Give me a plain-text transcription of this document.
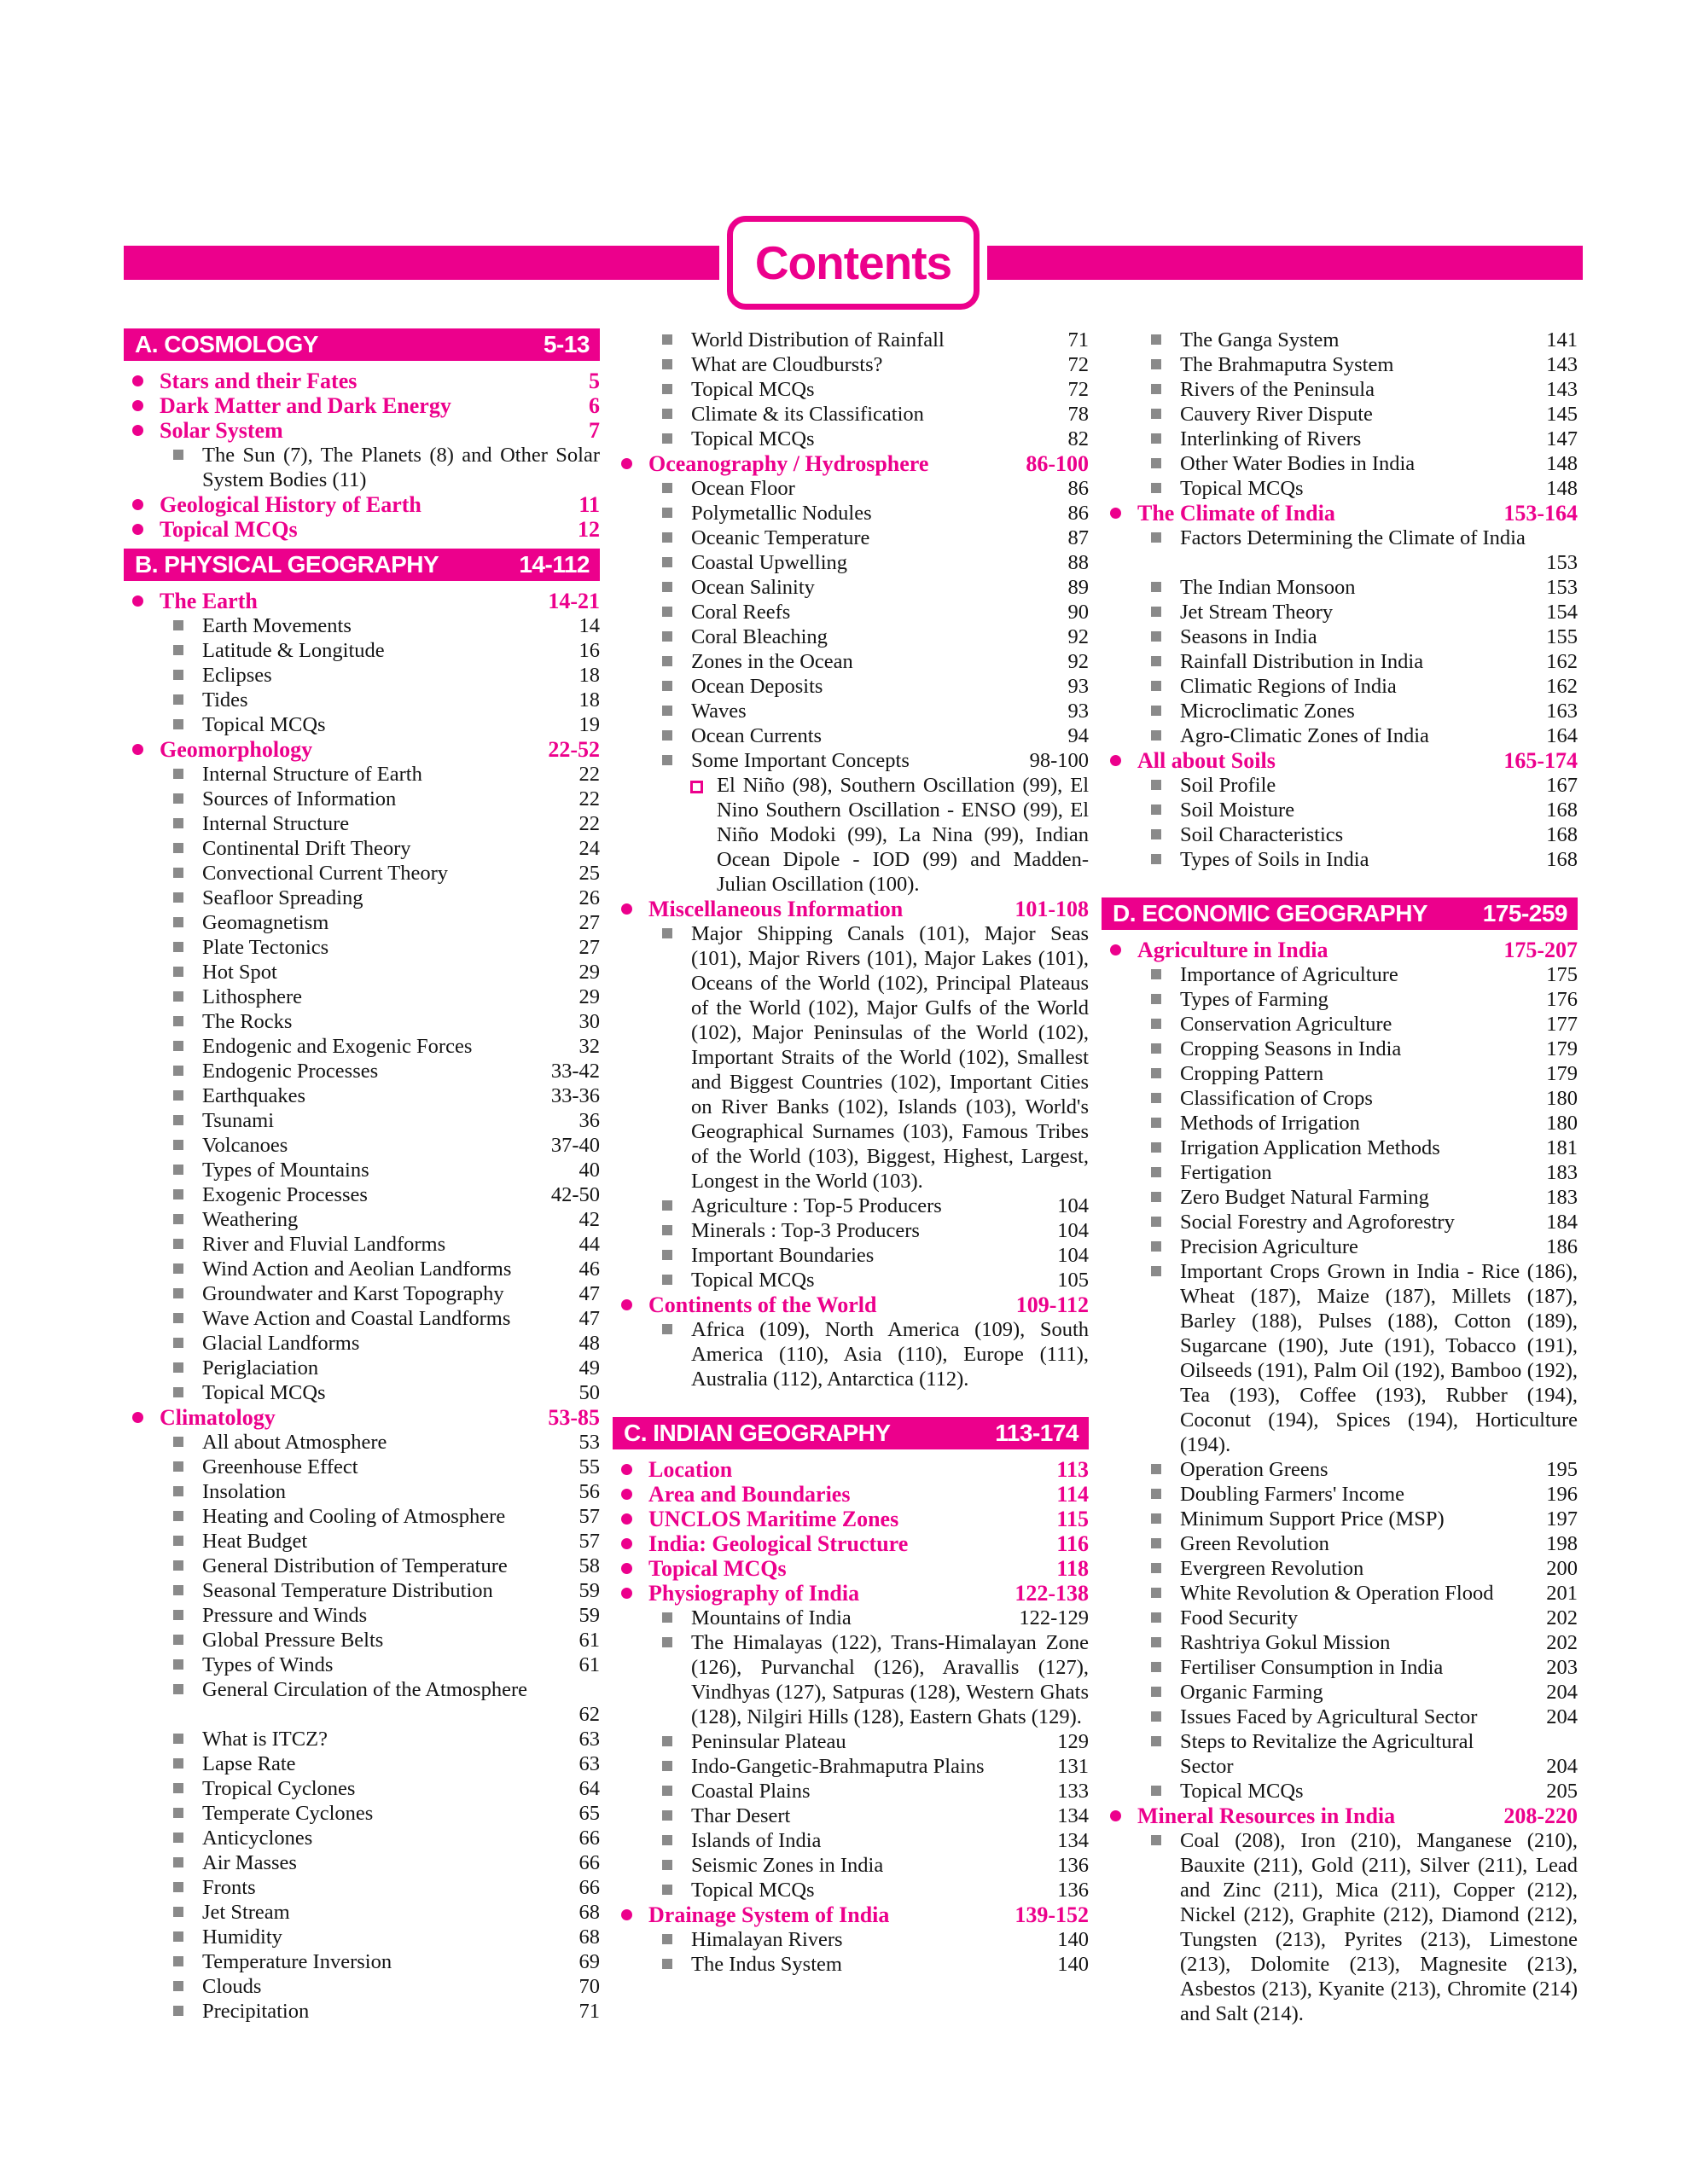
Contents
A. COSMOLOGY	5-13
Stars and their Fates	5
Dark Matter and Dark Energy	6
Solar System	7
The Sun (7), The Planets (8) and Other Solar System Bodies (11)
Geological History of Earth	11
Topical MCQs	12
B. PHYSICAL GEOGRAPHY	14-112
The Earth	14-21
Earth Movements	14
Latitude & Longitude	16
Eclipses	18
Tides	18
Topical MCQs	19
Geomorphology	22-52
Internal Structure of Earth	22
Sources of Information	22
Internal Structure	22
Continental Drift Theory	24
Convectional Current Theory	25
Seafloor Spreading	26
Geomagnetism	27
Plate Tectonics	27
Hot Spot	29
Lithosphere	29
The Rocks	30
Endogenic and Exogenic Forces	32
Endogenic Processes	33-42
Earthquakes	33-36
Tsunami	36
Volcanoes	37-40
Types of Mountains	40
Exogenic Processes	42-50
Weathering	42
River and Fluvial Landforms	44
Wind Action and Aeolian Landforms	46
Groundwater and Karst Topography	47
Wave Action and Coastal Landforms	47
Glacial Landforms	48
Periglaciation	49
Topical MCQs	50
Climatology	53-85
All about Atmosphere	53
Greenhouse Effect	55
Insolation	56
Heating and Cooling of Atmosphere	57
Heat Budget	57
General Distribution of Temperature	58
Seasonal Temperature Distribution	59
Pressure and Winds	59
Global Pressure Belts	61
Types of Winds	61
General Circulation of the Atmosphere
62
What is ITCZ?	63
Lapse Rate	63
Tropical Cyclones	64
Temperate Cyclones	65
Anticyclones	66
Air Masses	66
Fronts	66
Jet Stream	68
Humidity	68
Temperature Inversion	69
Clouds	70
Precipitation	71
World Distribution of Rainfall	71
What are Cloudbursts?	72
Topical MCQs	72
Climate & its Classification	78
Topical MCQs	82
Oceanography / Hydrosphere	86-100
Ocean Floor	86
Polymetallic Nodules	86
Oceanic Temperature	87
Coastal Upwelling	88
Ocean Salinity	89
Coral Reefs	90
Coral Bleaching	92
Zones in the Ocean	92
Ocean Deposits	93
Waves	93
Ocean Currents	94
Some Important Concepts	98-100
El Niño (98), Southern Oscillation (99), El Nino Southern Oscillation - ENSO (99), El Niño Modoki (99), La Nina (99), Indian Ocean Dipole - IOD (99) and Madden-Julian Oscillation (100).
Miscellaneous Information	101-108
Major Shipping Canals (101), Major Seas (101), Major Rivers (101), Major Lakes (101), Oceans of the World (102), Principal Plateaus of the World (102), Major Gulfs of the World (102), Major Peninsulas of the World (102), Important Straits of the World (102), Smallest and Biggest Countries (102), Important Cities on River Banks (102), Islands (103), World's Geographical Surnames (103), Famous Tribes of the World (103), Biggest, Highest, Largest, Longest in the World (103).
Agriculture : Top-5 Producers	104
Minerals : Top-3 Producers	104
Important Boundaries	104
Topical MCQs	105
Continents of the World	109-112
Africa (109), North America (109), South America (110), Asia (110), Europe (111), Australia (112), Antarctica (112).
C. INDIAN GEOGRAPHY	113-174
Location	113
Area and Boundaries	114
UNCLOS Maritime Zones	115
India: Geological Structure	116
Topical MCQs	118
Physiography of India	122-138
Mountains of India	122-129
The Himalayas (122), Trans-Himalayan Zone (126), Purvanchal (126), Aravallis (127), Vindhyas (127), Satpuras (128), Western Ghats (128), Nilgiri Hills (128), Eastern Ghats (129).
Peninsular Plateau	129
Indo-Gangetic-Brahmaputra Plains	131
Coastal Plains	133
Thar Desert	134
Islands of India	134
Seismic Zones in India	136
Topical MCQs	136
Drainage System of India	139-152
Himalayan Rivers	140
The Indus System	140
The Ganga System	141
The Brahmaputra System	143
Rivers of the Peninsula	143
Cauvery River Dispute	145
Interlinking of Rivers	147
Other Water Bodies in India	148
Topical MCQs	148
The Climate of India	153-164
Factors Determining the Climate of India
153
The Indian Monsoon	153
Jet Stream Theory	154
Seasons in India	155
Rainfall Distribution in India	162
Climatic Regions of India	162
Microclimatic Zones	163
Agro-Climatic Zones of India	164
All about Soils	165-174
Soil Profile	167
Soil Moisture	168
Soil Characteristics	168
Types of Soils in India	168
D. ECONOMIC GEOGRAPHY 175-259
Agriculture in India	175-207
Importance of Agriculture	175
Types of Farming	176
Conservation Agriculture	177
Cropping Seasons in India	179
Cropping Pattern	179
Classification of Crops	180
Methods of Irrigation	180
Irrigation Application Methods	181
Fertigation	183
Zero Budget Natural Farming	183
Social Forestry and Agroforestry	184
Precision Agriculture	186
Important Crops Grown in India - Rice (186), Wheat (187), Maize (187), Millets (187), Barley (188), Pulses (188), Cotton (189), Sugarcane (190), Jute (191), Tobacco (191), Oilseeds (191), Palm Oil (192), Bamboo (192), Tea (193), Coffee (193), Rubber (194), Coconut (194), Spices (194), Horticulture (194).
Operation Greens	195
Doubling Farmers' Income	196
Minimum Support Price (MSP)	197
Green Revolution	198
Evergreen Revolution	200
White Revolution & Operation Flood	201
Food Security	202
Rashtriya Gokul Mission	202
Fertiliser Consumption in India	203
Organic Farming	204
Issues Faced by Agricultural Sector	204
Steps to Revitalize the Agricultural
Sector	204
Topical MCQs	205
Mineral Resources in India	208-220
Coal (208), Iron (210), Manganese (210), Bauxite (211), Gold (211), Silver (211), Lead and Zinc (211), Mica (211), Copper (212), Nickel (212), Graphite (212), Diamond (212), Tungsten (213), Pyrites (213), Limestone (213), Dolomite (213), Magnesite (213), Asbestos (213), Kyanite (213), Chromite (214) and Salt (214).
